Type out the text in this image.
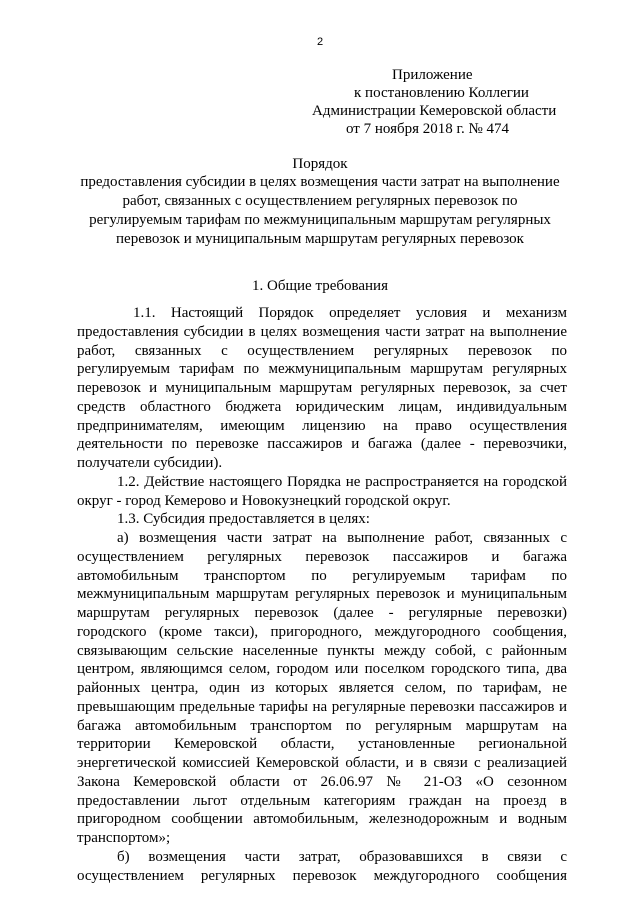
2
Приложение
к постановлению Коллегии
Администрации Кемеровской области
от 7 ноября 2018 г. № 474
Порядок
предоставления субсидии в целях возмещения части затрат на выполнение
работ, связанных с осуществлением регулярных перевозок по
регулируемым тарифам по межмуниципальным маршрутам регулярных
перевозок и муниципальным маршрутам регулярных перевозок
1. Общие требования
1.1. Настоящий Порядок определяет условия и механизм
предоставления субсидии в целях возмещения части затрат на выполнение
работ, связанных с осуществлением регулярных перевозок по
регулируемым тарифам по межмуниципальным маршрутам регулярных
перевозок и муниципальным маршрутам регулярных перевозок, за счет
средств областного бюджета юридическим лицам, индивидуальным
предпринимателям, имеющим лицензию на право осуществления
деятельности по перевозке пассажиров и багажа (далее - перевозчики,
получатели субсидии).
1.2. Действие настоящего Порядка не распространяется на городской
округ - город Кемерово и Новокузнецкий городской округ.
1.3. Субсидия предоставляется в целях:
а) возмещения части затрат на выполнение работ, связанных с
осуществлением регулярных перевозок пассажиров и багажа
автомобильным транспортом по регулируемым тарифам по
межмуниципальным маршрутам регулярных перевозок и муниципальным
маршрутам регулярных перевозок (далее - регулярные перевозки)
городского (кроме такси), пригородного, междугородного сообщения,
связывающим сельские населенные пункты между собой, с районным
центром, являющимся селом, городом или поселком городского типа, два
районных центра, один из которых является селом, по тарифам, не
превышающим предельные тарифы на регулярные перевозки пассажиров и
багажа автомобильным транспортом по регулярным маршрутам на
территории Кемеровской области, установленные региональной
энергетической комиссией Кемеровской области, и в связи с реализацией
Закона Кемеровской области от 26.06.97 № 21-ОЗ «О сезонном
предоставлении льгот отдельным категориям граждан на проезд в
пригородном сообщении автомобильным, железнодорожным и водным
транспортом»;
б) возмещения части затрат, образовавшихся в связи с
осуществлением регулярных перевозок междугородного сообщения
